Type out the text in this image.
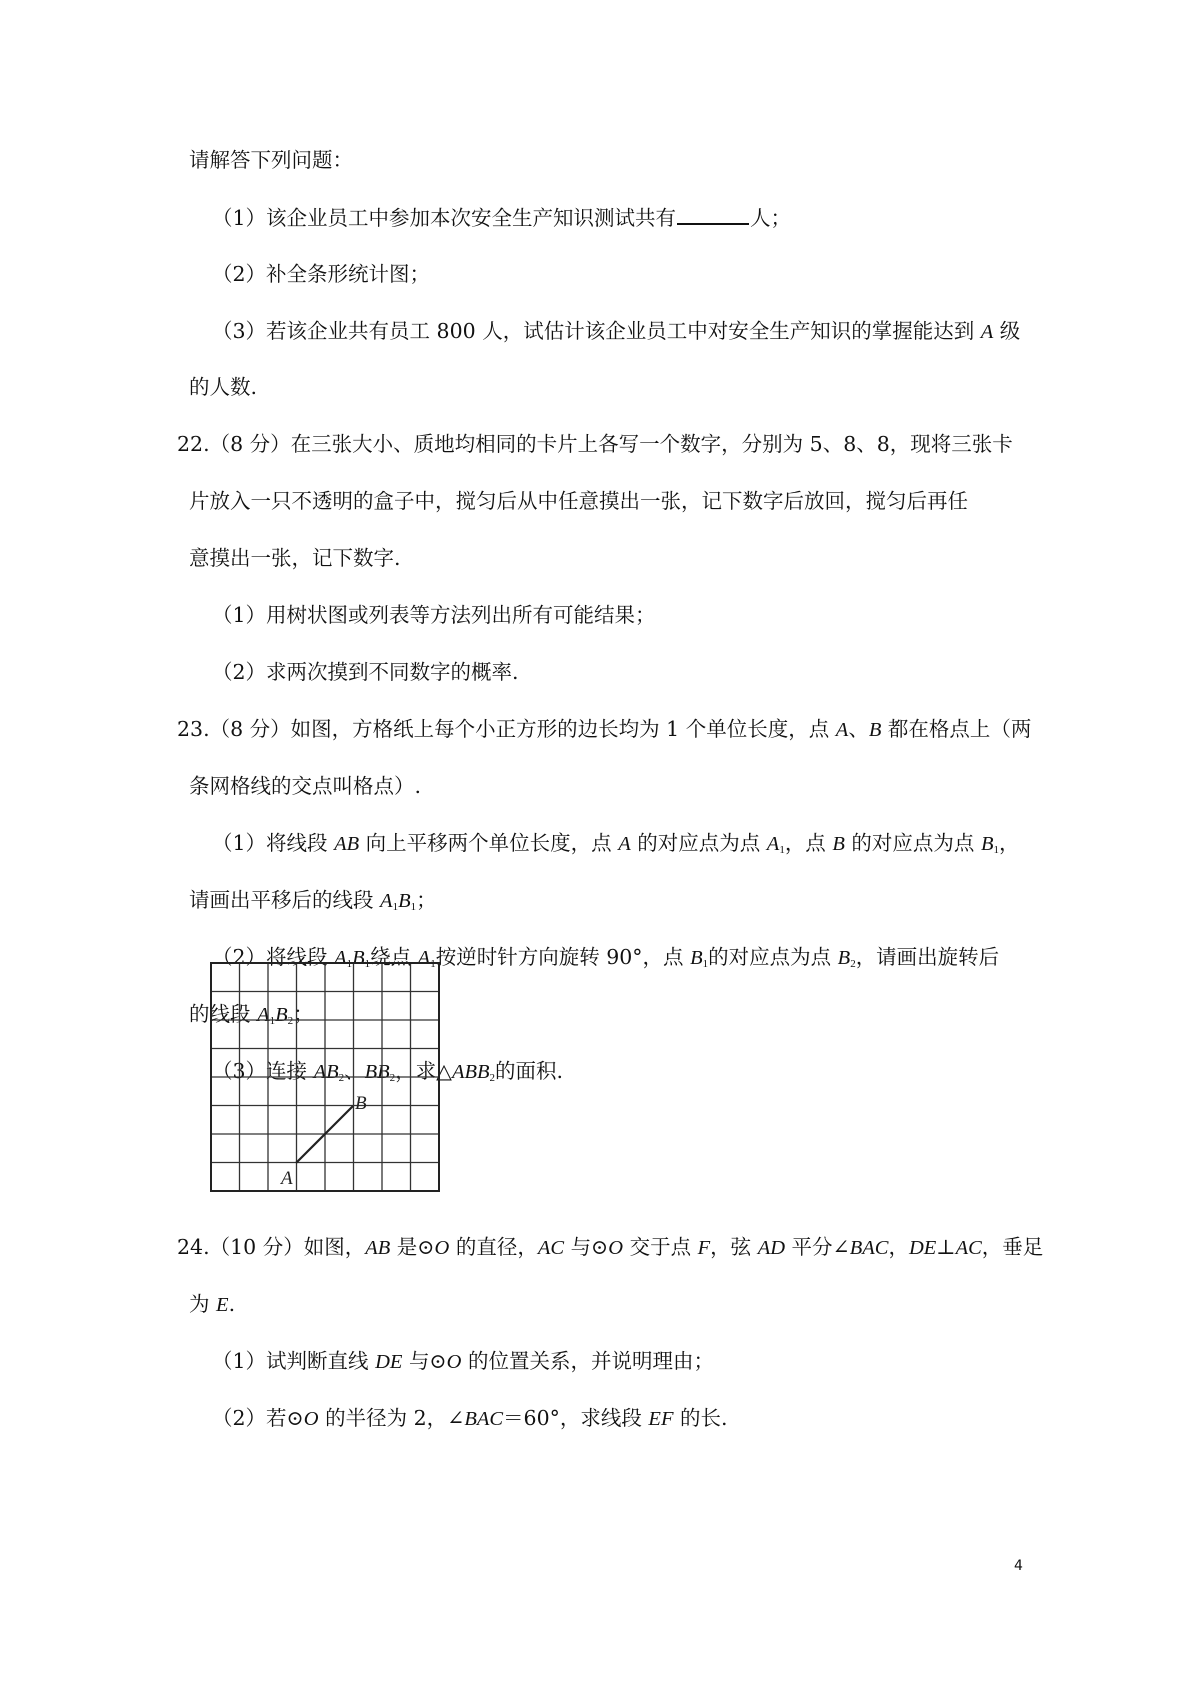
请解答下列问题：
（1）该企业员工中参加本次安全生产知识测试共有	人；
（2）补全条形统计图；
（3）若该企业共有员工 800 人，试估计该企业员工中对安全生产知识的掌握能达到 A 级
的人数.
22.（8 分）在三张大小、质地均相同的卡片上各写一个数字，分别为 5、8、8，现将三张卡
片放入一只不透明的盒子中，搅匀后从中任意摸出一张，记下数字后放回，搅匀后再任
意摸出一张，记下数字.
（1）用树状图或列表等方法列出所有可能结果；
（2）求两次摸到不同数字的概率.
23.（8 分）如图，方格纸上每个小正方形的边长均为 1 个单位长度，点 A、B 都在格点上（两
条网格线的交点叫格点）.
（1）将线段 AB 向上平移两个单位长度，点 A 的对应点为点 $A_1$，点 B 的对应点为点 $B_1$，
请画出平移后的线段 $A_1B_1$；
（2）将线段 $A_1B_1$绕点 $A_1$按逆时针方向旋转 90°，点 $B_1$的对应点为点 $B_2$，请画出旋转后
的线段 $A_1B_2$；
（3）连接 $AB_2$、$BB_2$，求$\triangle ABB_2$的面积.
A
B
24.（10 分）如图，AB 是⊙O 的直径，AC 与⊙O 交于点 F，弦 AD 平分∠BAC，DE⊥AC，垂足
为 E.
（1）试判断直线 DE 与⊙O 的位置关系，并说明理由；
（2）若⊙O 的半径为 2，∠BAC＝60°，求线段 EF 的长.
4
